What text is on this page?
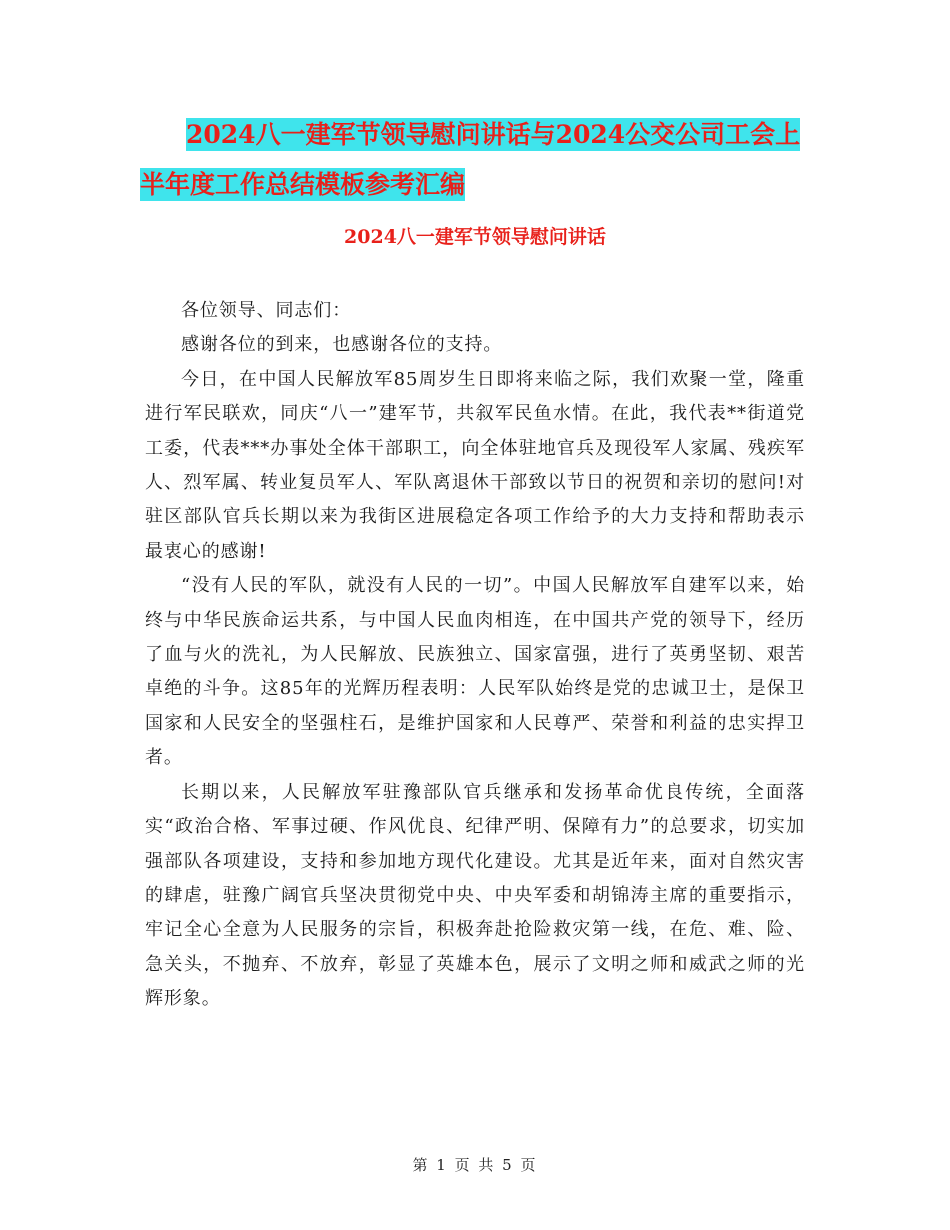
2024八一建军节领导慰问讲话与2024公交公司工会上
半年度工作总结模板参考汇编
2024八一建军节领导慰问讲话

各位领导、同志们：

感谢各位的到来，也感谢各位的支持。

今日，在中国人民解放军85周岁生日即将来临之际，我们欢聚一堂，隆重进行军民联欢，同庆“八一”建军节，共叙军民鱼水情。在此，我代表**街道党工委，代表***办事处全体干部职工，向全体驻地官兵及现役军人家属、残疾军人、烈军属、转业复员军人、军队离退休干部致以节日的祝贺和亲切的慰问!对驻区部队官兵长期以来为我街区进展稳定各项工作给予的大力支持和帮助表示最衷心的感谢!

“没有人民的军队，就没有人民的一切”。中国人民解放军自建军以来，始终与中华民族命运共系，与中国人民血肉相连，在中国共产党的领导下，经历了血与火的洗礼，为人民解放、民族独立、国家富强，进行了英勇坚韧、艰苦卓绝的斗争。这85年的光辉历程表明：人民军队始终是党的忠诚卫士，是保卫国家和人民安全的坚强柱石，是维护国家和人民尊严、荣誉和利益的忠实捍卫者。

长期以来，人民解放军驻豫部队官兵继承和发扬革命优良传统，全面落实“政治合格、军事过硬、作风优良、纪律严明、保障有力”的总要求，切实加强部队各项建设，支持和参加地方现代化建设。尤其是近年来，面对自然灾害的肆虐，驻豫广阔官兵坚决贯彻党中央、中央军委和胡锦涛主席的重要指示，牢记全心全意为人民服务的宗旨，积极奔赴抢险救灾第一线，在危、难、险、急关头，不抛弃、不放弃，彰显了英雄本色，展示了文明之师和威武之师的光辉形象。

第 1 页 共 5 页
